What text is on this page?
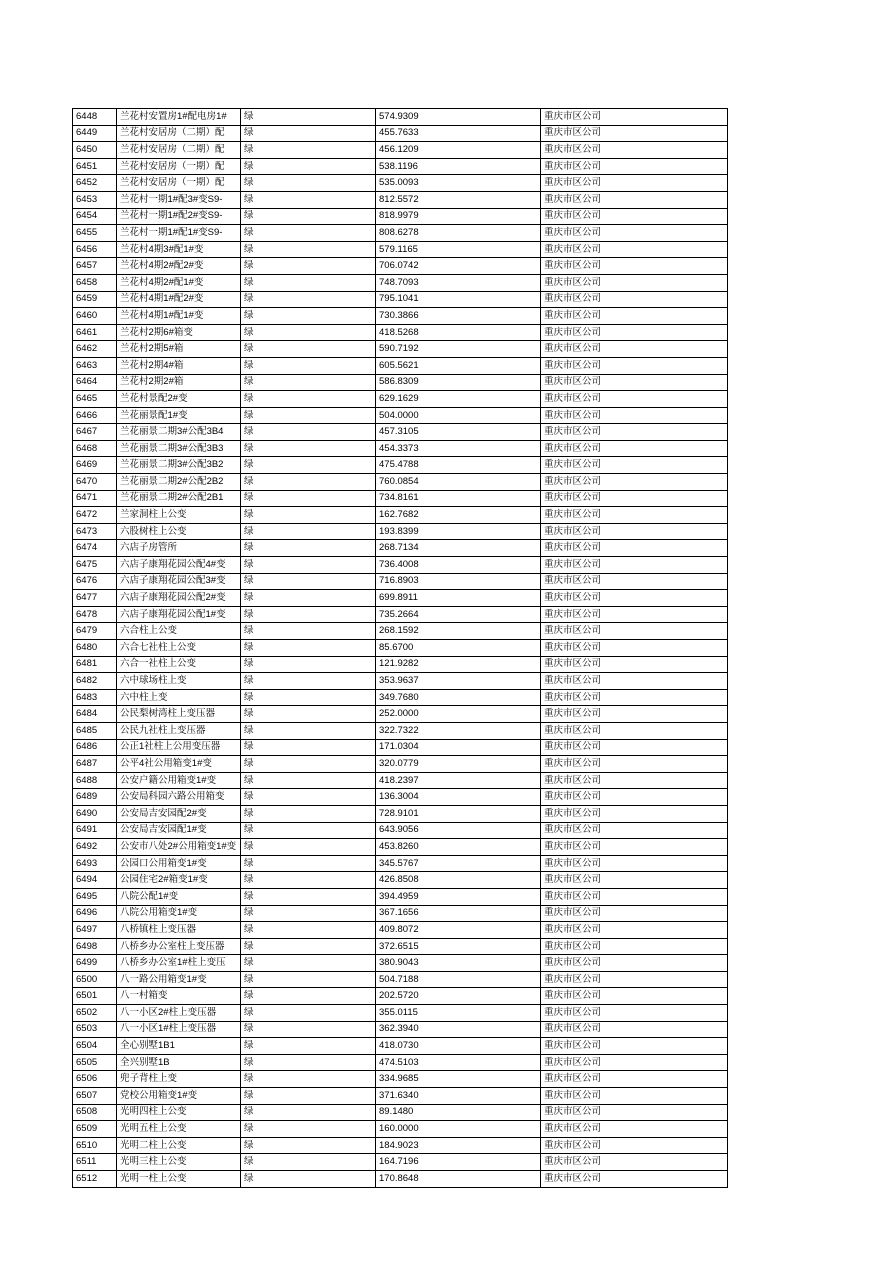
6448	兰花村安置房1#配电房1#	绿	574.9309	重庆市区公司
6449	兰花村安居房（二期）配	绿	455.7633	重庆市区公司
6450	兰花村安居房（二期）配	绿	456.1209	重庆市区公司
6451	兰花村安居房（一期）配	绿	538.1196	重庆市区公司
6452	兰花村安居房（一期）配	绿	535.0093	重庆市区公司
6453	兰花村一期1#配3#变S9-	绿	812.5572	重庆市区公司
6454	兰花村一期1#配2#变S9-	绿	818.9979	重庆市区公司
6455	兰花村一期1#配1#变S9-	绿	808.6278	重庆市区公司
6456	兰花村4期3#配1#变	绿	579.1165	重庆市区公司
6457	兰花村4期2#配2#变	绿	706.0742	重庆市区公司
6458	兰花村4期2#配1#变	绿	748.7093	重庆市区公司
6459	兰花村4期1#配2#变	绿	795.1041	重庆市区公司
6460	兰花村4期1#配1#变	绿	730.3866	重庆市区公司
6461	兰花村2期6#箱变	绿	418.5268	重庆市区公司
6462	兰花村2期5#箱	绿	590.7192	重庆市区公司
6463	兰花村2期4#箱	绿	605.5621	重庆市区公司
6464	兰花村2期2#箱	绿	586.8309	重庆市区公司
6465	兰花村景配2#变	绿	629.1629	重庆市区公司
6466	兰花丽景配1#变	绿	504.0000	重庆市区公司
6467	兰花丽景二期3#公配3B4	绿	457.3105	重庆市区公司
6468	兰花丽景二期3#公配3B3	绿	454.3373	重庆市区公司
6469	兰花丽景二期3#公配3B2	绿	475.4788	重庆市区公司
6470	兰花丽景二期2#公配2B2	绿	760.0854	重庆市区公司
6471	兰花丽景二期2#公配2B1	绿	734.8161	重庆市区公司
6472	兰家洞柱上公变	绿	162.7682	重庆市区公司
6473	六股树柱上公变	绿	193.8399	重庆市区公司
6474	六店子房管所	绿	268.7134	重庆市区公司
6475	六店子康翔花园公配4#变	绿	736.4008	重庆市区公司
6476	六店子康翔花园公配3#变	绿	716.8903	重庆市区公司
6477	六店子康翔花园公配2#变	绿	699.8911	重庆市区公司
6478	六店子康翔花园公配1#变	绿	735.2664	重庆市区公司
6479	六合柱上公变	绿	268.1592	重庆市区公司
6480	六合七社柱上公变	绿	85.6700	重庆市区公司
6481	六合一社柱上公变	绿	121.9282	重庆市区公司
6482	六中球场柱上变	绿	353.9637	重庆市区公司
6483	六中柱上变	绿	349.7680	重庆市区公司
6484	公民梨树湾柱上变压器	绿	252.0000	重庆市区公司
6485	公民九社柱上变压器	绿	322.7322	重庆市区公司
6486	公正1社柱上公用变压器	绿	171.0304	重庆市区公司
6487	公平4社公用箱变1#变	绿	320.0779	重庆市区公司
6488	公安户籍公用箱变1#变	绿	418.2397	重庆市区公司
6489	公安局科园六路公用箱变	绿	136.3004	重庆市区公司
6490	公安局吉安园配2#变	绿	728.9101	重庆市区公司
6491	公安局吉安园配1#变	绿	643.9056	重庆市区公司
6492	公安市八处2#公用箱变1#变	绿	453.8260	重庆市区公司
6493	公园口公用箱变1#变	绿	345.5767	重庆市区公司
6494	公园住宅2#箱变1#变	绿	426.8508	重庆市区公司
6495	八院公配1#变	绿	394.4959	重庆市区公司
6496	八院公用箱变1#变	绿	367.1656	重庆市区公司
6497	八桥镇柱上变压器	绿	409.8072	重庆市区公司
6498	八桥乡办公室柱上变压器	绿	372.6515	重庆市区公司
6499	八桥乡办公室1#柱上变压	绿	380.9043	重庆市区公司
6500	八一路公用箱变1#变	绿	504.7188	重庆市区公司
6501	八一村箱变	绿	202.5720	重庆市区公司
6502	八一小区2#柱上变压器	绿	355.0115	重庆市区公司
6503	八一小区1#柱上变压器	绿	362.3940	重庆市区公司
6504	全心别墅1B1	绿	418.0730	重庆市区公司
6505	全兴别墅1B	绿	474.5103	重庆市区公司
6506	兜子背柱上变	绿	334.9685	重庆市区公司
6507	党校公用箱变1#变	绿	371.6340	重庆市区公司
6508	光明四柱上公变	绿	89.1480	重庆市区公司
6509	光明五柱上公变	绿	160.0000	重庆市区公司
6510	光明二柱上公变	绿	184.9023	重庆市区公司
6511	光明三柱上公变	绿	164.7196	重庆市区公司
6512	光明一柱上公变	绿	170.8648	重庆市区公司
